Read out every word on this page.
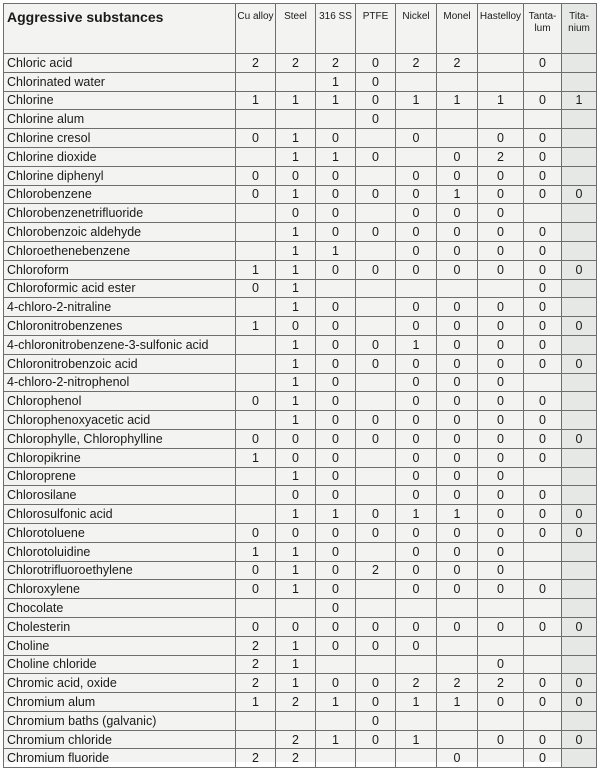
Aggressive substances	Cu alloy	Steel	316 SS	PTFE	Nickel	Monel	Hastelloy	Tanta- lum	Tita- nium
Chloric acid	2	2	2	0	2	2		0	
Chlorinated water			1	0					
Chlorine	1	1	1	0	1	1	1	0	1
Chlorine alum				0					
Chlorine cresol	0	1	0		0		0	0	
Chlorine dioxide		1	1	0		0	2	0	
Chlorine diphenyl	0	0	0		0	0	0	0	
Chlorobenzene	0	1	0	0	0	1	0	0	0
Chlorobenzenetrifluoride		0	0		0	0	0		
Chlorobenzoic aldehyde		1	0	0	0	0	0	0	
Chloroethenebenzene		1	1		0	0	0	0	
Chloroform	1	1	0	0	0	0	0	0	0
Chloroformic acid ester	0	1						0	
4-chloro-2-nitraline		1	0		0	0	0	0	
Chloronitrobenzenes	1	0	0		0	0	0	0	0
4-chloronitrobenzene-3-sulfonic acid		1	0	0	1	0	0	0	
Chloronitrobenzoic acid		1	0	0	0	0	0	0	0
4-chloro-2-nitrophenol		1	0		0	0	0		
Chlorophenol	0	1	0		0	0	0	0	
Chlorophenoxyacetic acid		1	0	0	0	0	0	0	
Chlorophylle, Chlorophylline	0	0	0	0	0	0	0	0	0
Chloropikrine	1	0	0		0	0	0	0	
Chloroprene		1	0		0	0	0		
Chlorosilane		0	0		0	0	0	0	
Chlorosulfonic acid		1	1	0	1	1	0	0	0
Chlorotoluene	0	0	0	0	0	0	0	0	0
Chlorotoluidine	1	1	0		0	0	0		
Chlorotrifluoroethylene	0	1	0	2	0	0	0		
Chloroxylene	0	1	0		0	0	0	0	
Chocolate			0						
Cholesterin	0	0	0	0	0	0	0	0	0
Choline	2	1	0	0	0				
Choline chloride	2	1					0		
Chromic acid, oxide	2	1	0	0	2	2	2	0	0
Chromium alum	1	2	1	0	1	1	0	0	0
Chromium baths (galvanic)				0					
Chromium chloride		2	1	0	1		0	0	0
Chromium fluoride	2	2				0		0	
